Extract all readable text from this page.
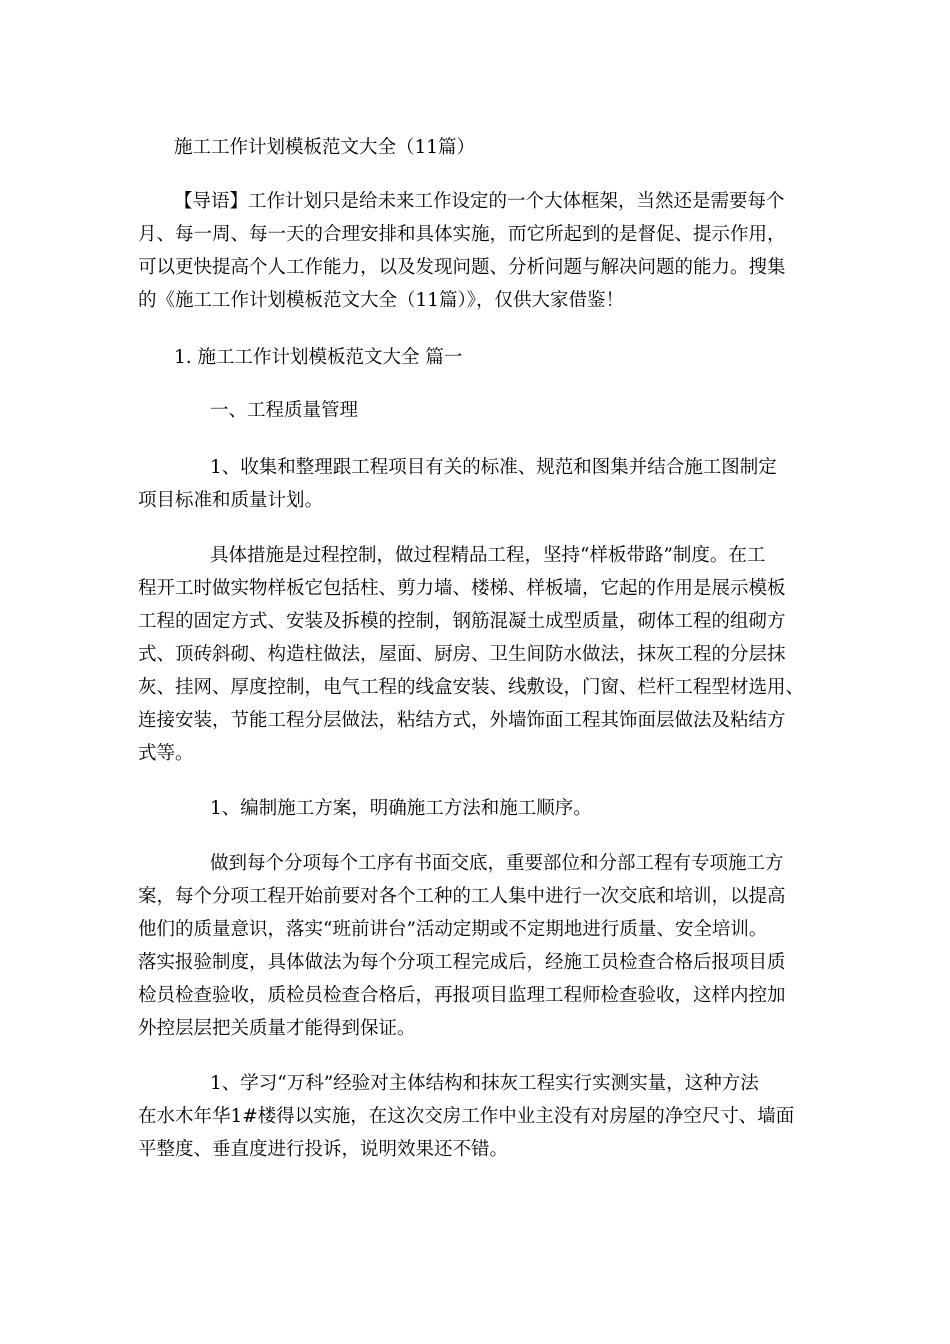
施工工作计划模板范文大全（11篇）
【导语】工作计划只是给未来工作设定的一个大体框架，当然还是需要每个
月、每一周、每一天的合理安排和具体实施，而它所起到的是督促、提示作用，
可以更快提高个人工作能力，以及发现问题、分析问题与解决问题的能力。搜集
的《施工工作计划模板范文大全（11篇）》，仅供大家借鉴！
1. 施工工作计划模板范文大全 篇一
一、工程质量管理
1、收集和整理跟工程项目有关的标准、规范和图集并结合施工图制定
项目标准和质量计划。
具体措施是过程控制，做过程精品工程，坚持“样板带路”制度。在工
程开工时做实物样板它包括柱、剪力墙、楼梯、样板墙，它起的作用是展示模板
工程的固定方式、安装及拆模的控制，钢筋混凝土成型质量，砌体工程的组砌方
式、顶砖斜砌、构造柱做法，屋面、厨房、卫生间防水做法，抹灰工程的分层抹
灰、挂网、厚度控制，电气工程的线盒安装、线敷设，门窗、栏杆工程型材选用、
连接安装，节能工程分层做法，粘结方式，外墙饰面工程其饰面层做法及粘结方
式等。
1、编制施工方案，明确施工方法和施工顺序。
做到每个分项每个工序有书面交底，重要部位和分部工程有专项施工方
案，每个分项工程开始前要对各个工种的工人集中进行一次交底和培训，以提高
他们的质量意识，落实“班前讲台”活动定期或不定期地进行质量、安全培训。
落实报验制度，具体做法为每个分项工程完成后，经施工员检查合格后报项目质
检员检查验收，质检员检查合格后，再报项目监理工程师检查验收，这样内控加
外控层层把关质量才能得到保证。
1、学习“万科”经验对主体结构和抹灰工程实行实测实量，这种方法
在水木年华1#楼得以实施，在这次交房工作中业主没有对房屋的净空尺寸、墙面
平整度、垂直度进行投诉，说明效果还不错。
